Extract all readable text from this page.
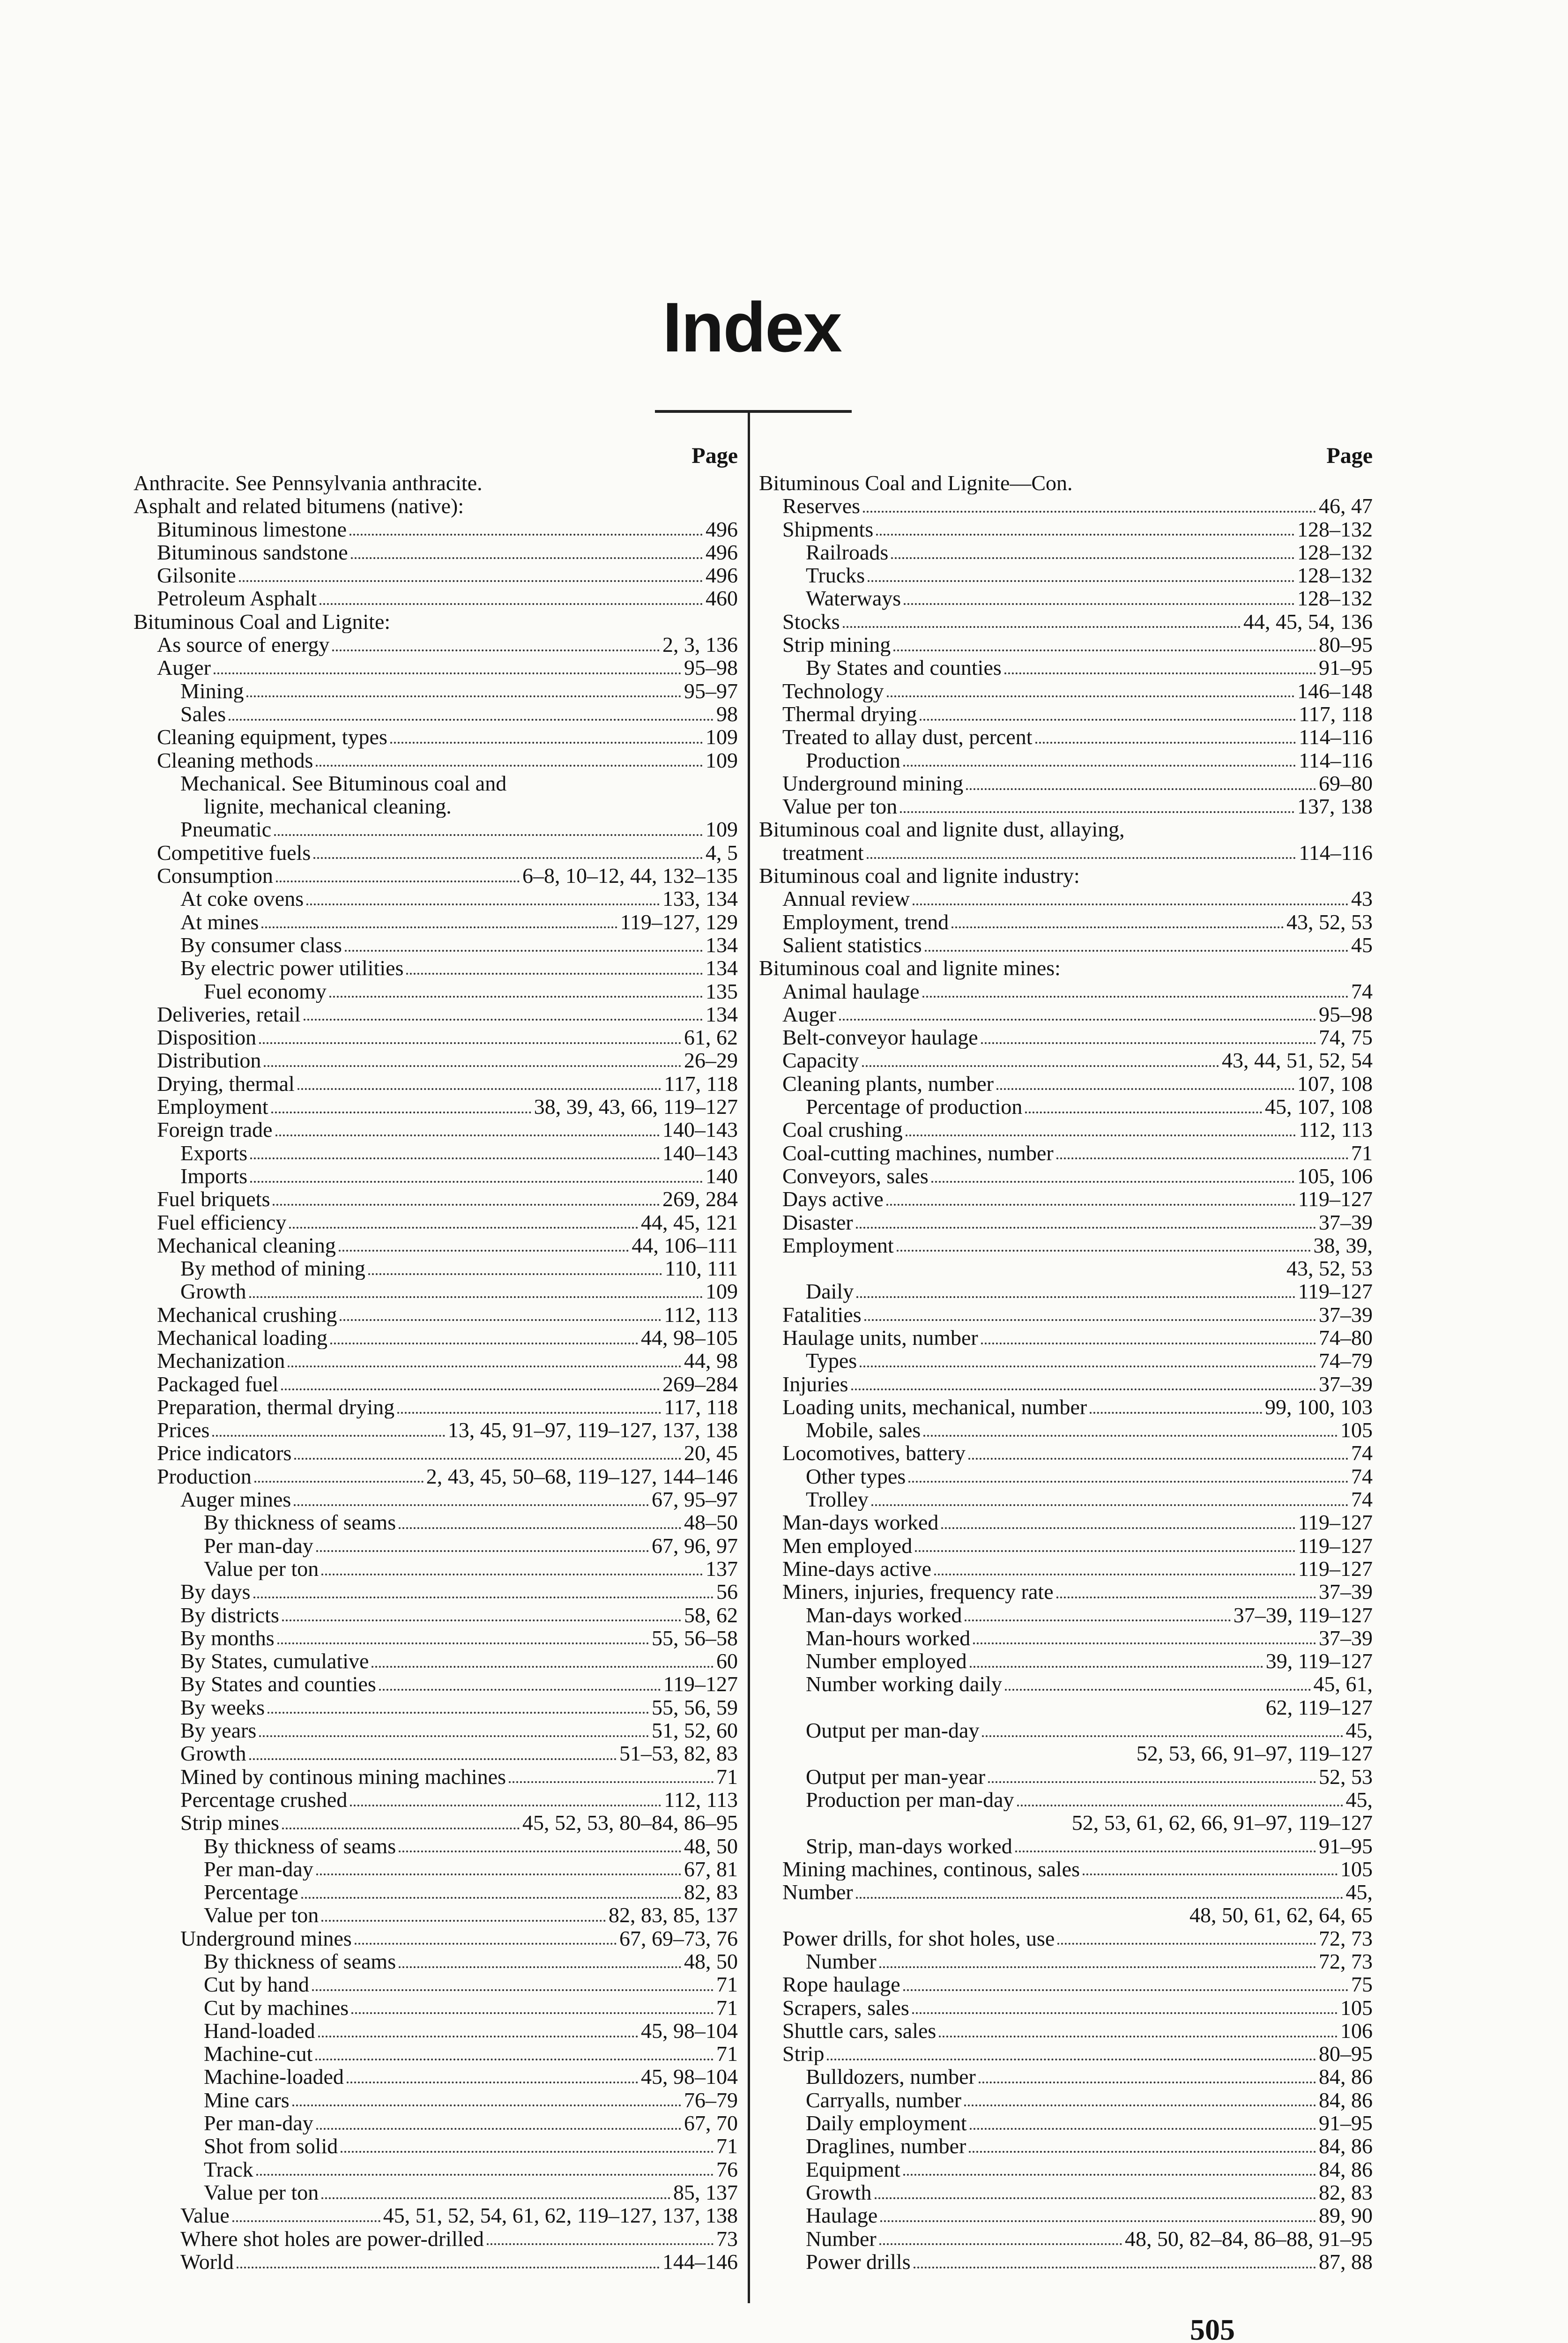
Index
Page
Anthracite. See Pennsylvania anthracite.
Asphalt and related bitumens (native):
Bituminous limestone	496
Bituminous sandstone	496
Gilsonite	496
Petroleum Asphalt	460
Bituminous Coal and Lignite:
As source of energy	2, 3, 136
Auger	95–98
Mining	95–97
Sales	98
Cleaning equipment, types	109
Cleaning methods	109
Mechanical. See Bituminous coal and
lignite, mechanical cleaning.
Pneumatic	109
Competitive fuels	4, 5
Consumption	6–8, 10–12, 44, 132–135
At coke ovens	133, 134
At mines	119–127, 129
By consumer class	134
By electric power utilities	134
Fuel economy	135
Deliveries, retail	134
Disposition	61, 62
Distribution	26–29
Drying, thermal	117, 118
Employment	38, 39, 43, 66, 119–127
Foreign trade	140–143
Exports	140–143
Imports	140
Fuel briquets	269, 284
Fuel efficiency	44, 45, 121
Mechanical cleaning	44, 106–111
By method of mining	110, 111
Growth	109
Mechanical crushing	112, 113
Mechanical loading	44, 98–105
Mechanization	44, 98
Packaged fuel	269–284
Preparation, thermal drying	117, 118
Prices	13, 45, 91–97, 119–127, 137, 138
Price indicators	20, 45
Production	2, 43, 45, 50–68, 119–127, 144–146
Auger mines	67, 95–97
By thickness of seams	48–50
Per man-day	67, 96, 97
Value per ton	137
By days	56
By districts	58, 62
By months	55, 56–58
By States, cumulative	60
By States and counties	119–127
By weeks	55, 56, 59
By years	51, 52, 60
Growth	51–53, 82, 83
Mined by continous mining machines	71
Percentage crushed	112, 113
Strip mines	45, 52, 53, 80–84, 86–95
By thickness of seams	48, 50
Per man-day	67, 81
Percentage	82, 83
Value per ton	82, 83, 85, 137
Underground mines	67, 69–73, 76
By thickness of seams	48, 50
Cut by hand	71
Cut by machines	71
Hand-loaded	45, 98–104
Machine-cut	71
Machine-loaded	45, 98–104
Mine cars	76–79
Per man-day	67, 70
Shot from solid	71
Track	76
Value per ton	85, 137
Value	45, 51, 52, 54, 61, 62, 119–127, 137, 138
Where shot holes are power-drilled	73
World	144–146
Page
Bituminous Coal and Lignite—Con.
Reserves	46, 47
Shipments	128–132
Railroads	128–132
Trucks	128–132
Waterways	128–132
Stocks	44, 45, 54, 136
Strip mining	80–95
By States and counties	91–95
Technology	146–148
Thermal drying	117, 118
Treated to allay dust, percent	114–116
Production	114–116
Underground mining	69–80
Value per ton	137, 138
Bituminous coal and lignite dust, allaying,
treatment	114–116
Bituminous coal and lignite industry:
Annual review	43
Employment, trend	43, 52, 53
Salient statistics	45
Bituminous coal and lignite mines:
Animal haulage	74
Auger	95–98
Belt-conveyor haulage	74, 75
Capacity	43, 44, 51, 52, 54
Cleaning plants, number	107, 108
Percentage of production	45, 107, 108
Coal crushing	112, 113
Coal-cutting machines, number	71
Conveyors, sales	105, 106
Days active	119–127
Disaster	37–39
Employment	38, 39,
43, 52, 53
Daily	119–127
Fatalities	37–39
Haulage units, number	74–80
Types	74–79
Injuries	37–39
Loading units, mechanical, number	99, 100, 103
Mobile, sales	105
Locomotives, battery	74
Other types	74
Trolley	74
Man-days worked	119–127
Men employed	119–127
Mine-days active	119–127
Miners, injuries, frequency rate	37–39
Man-days worked	37–39, 119–127
Man-hours worked	37–39
Number employed	39, 119–127
Number working daily	45, 61,
62, 119–127
Output per man-day	45,
52, 53, 66, 91–97, 119–127
Output per man-year	52, 53
Production per man-day	45,
52, 53, 61, 62, 66, 91–97, 119–127
Strip, man-days worked	91–95
Mining machines, continous, sales	105
Number	45,
48, 50, 61, 62, 64, 65
Power drills, for shot holes, use	72, 73
Number	72, 73
Rope haulage	75
Scrapers, sales	105
Shuttle cars, sales	106
Strip	80–95
Bulldozers, number	84, 86
Carryalls, number	84, 86
Daily employment	91–95
Draglines, number	84, 86
Equipment	84, 86
Growth	82, 83
Haulage	89, 90
Number	48, 50, 82–84, 86–88, 91–95
Power drills	87, 88
505
